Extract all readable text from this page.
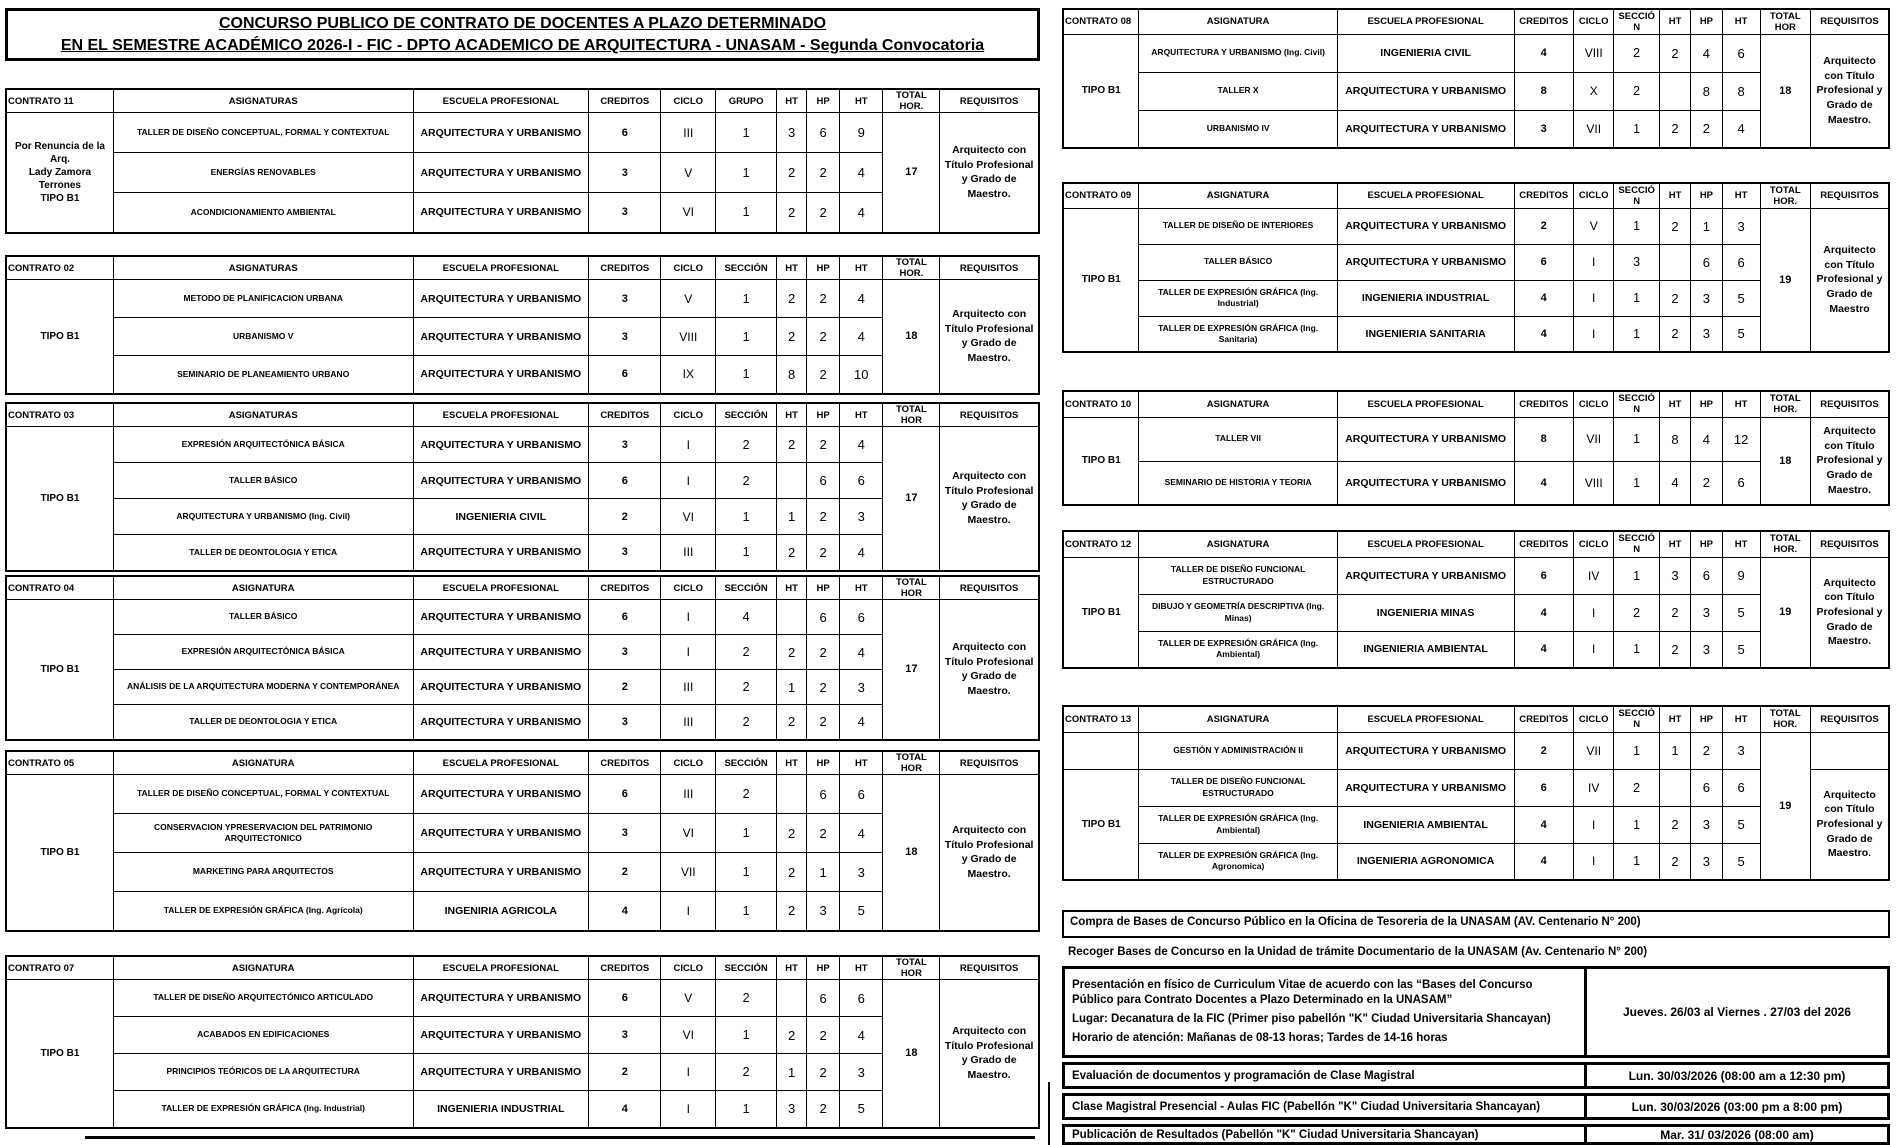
CONCURSO PUBLICO DE CONTRATO DE DOCENTES A PLAZO DETERMINADO
EN EL SEMESTRE ACADÉMICO 2026-I - FIC - DPTO ACADEMICO DE ARQUITECTURA - UNASAM - Segunda Convocatoria
CONTRATO 11	ASIGNATURAS	ESCUELA PROFESIONAL	CREDITOS	CICLO	GRUPO	HT	HP	HT	TOTAL HOR.	REQUISITOS

Por Renuncia de la Arq.
Lady Zamora Terrones
TIPO B1	TALLER DE DISEÑO CONCEPTUAL, FORMAL Y CONTEXTUAL	ARQUITECTURA Y URBANISMO	6	III	1	3	6	9	17	Arquitecto con Título Profesional y Grado de Maestro.
	ENERGÍAS RENOVABLES	ARQUITECTURA Y URBANISMO	3	V	1	2	2	4		
	ACONDICIONAMIENTO AMBIENTAL	ARQUITECTURA Y URBANISMO	3	VI	1	2	2	4		
CONTRATO 02	ASIGNATURAS	ESCUELA PROFESIONAL	CREDITOS	CICLO	SECCIÓN	HT	HP	HT	TOTAL HOR.	REQUISITOS

TIPO B1	METODO DE PLANIFICACION URBANA	ARQUITECTURA Y URBANISMO	3	V	1	2	2	4	18	Arquitecto con Título Profesional y Grado de Maestro.
	URBANISMO V	ARQUITECTURA Y URBANISMO	3	VIII	1	2	2	4		
	SEMINARIO DE PLANEAMIENTO URBANO	ARQUITECTURA Y URBANISMO	6	IX	1	8	2	10		
CONTRATO 03	ASIGNATURAS	ESCUELA PROFESIONAL	CREDITOS	CICLO	SECCIÓN	HT	HP	HT	TOTAL HOR	REQUISITOS

TIPO B1	EXPRESIÓN ARQUITECTÓNICA BÁSICA	ARQUITECTURA Y URBANISMO	3	I	2	2	2	4	17	Arquitecto con Título Profesional y Grado de Maestro.
	TALLER BÁSICO	ARQUITECTURA Y URBANISMO	6	I	2		6	6		
	ARQUITECTURA Y URBANISMO (Ing. Civil)	INGENIERIA CIVIL	2	VI	1	1	2	3		
	TALLER DE DEONTOLOGIA Y ETICA	ARQUITECTURA Y URBANISMO	3	III	1	2	2	4		
CONTRATO 04	ASIGNATURA	ESCUELA PROFESIONAL	CREDITOS	CICLO	SECCIÓN	HT	HP	HT	TOTAL HOR	REQUISITOS

TIPO B1	TALLER BÁSICO	ARQUITECTURA Y URBANISMO	6	I	4		6	6	17	Arquitecto con Título Profesional y Grado de Maestro.
	EXPRESIÓN ARQUITECTÓNICA BÁSICA	ARQUITECTURA Y URBANISMO	3	I	2	2	2	4		
	ANÁLISIS DE LA ARQUITECTURA MODERNA Y CONTEMPORÁNEA	ARQUITECTURA Y URBANISMO	2	III	2	1	2	3		
	TALLER DE DEONTOLOGIA Y ETICA	ARQUITECTURA Y URBANISMO	3	III	2	2	2	4		
CONTRATO 05	ASIGNATURA	ESCUELA PROFESIONAL	CREDITOS	CICLO	SECCIÓN	HT	HP	HT	TOTAL HOR	REQUISITOS

TIPO B1	TALLER DE DISEÑO CONCEPTUAL, FORMAL Y CONTEXTUAL	ARQUITECTURA Y URBANISMO	6	III	2		6	6	18	Arquitecto con Título Profesional y Grado de Maestro.
	CONSERVACION YPRESERVACION DEL PATRIMONIO ARQUITECTONICO	ARQUITECTURA Y URBANISMO	3	VI	1	2	2	4		
	MARKETING PARA ARQUITECTOS	ARQUITECTURA Y URBANISMO	2	VII	1	2	1	3		
	TALLER DE EXPRESIÓN GRÁFICA (Ing. Agrícola)	INGENIRIA AGRICOLA	4	I	1	2	3	5		
CONTRATO 07	ASIGNATURA	ESCUELA PROFESIONAL	CREDITOS	CICLO	SECCIÓN	HT	HP	HT	TOTAL HOR	REQUISITOS

TIPO B1	TALLER DE DISEÑO ARQUITECTÓNICO ARTICULADO	ARQUITECTURA Y URBANISMO	6	V	2		6	6	18	Arquitecto con Título Profesional y Grado de Maestro.
	ACABADOS EN EDIFICACIONES	ARQUITECTURA Y URBANISMO	3	VI	1	2	2	4		
	PRINCIPIOS TEÓRICOS DE LA ARQUITECTURA	ARQUITECTURA Y URBANISMO	2	I	2	1	2	3		
	TALLER DE EXPRESIÓN GRÁFICA (Ing. Industrial)	INGENIERIA INDUSTRIAL	4	I	1	3	2	5		
Compra de Bases de Concurso Público en la Oficina de Tesoreria de la UNASAM (AV. Centenario N° 200)
Recoger Bases de Concurso en la Unidad de trámite Documentario de la UNASAM (Av. Centenario N° 200)
Presentación en físico de Curriculum Vitae de acuerdo con las “Bases del Concurso Público para Contrato Docentes a Plazo Determinado en la UNASAM”
Lugar: Decanatura de la FIC (Primer piso pabellón "K" Ciudad Universitaria Shancayan)
Horario de atención: Mañanas de 08-13 horas; Tardes de 14-16 horas
Jueves. 26/03 al Viernes . 27/03 del 2026
Evaluación de documentos y programación de Clase Magistral	Lun. 30/03/2026 (08:00 am a 12:30 pm)
Clase Magistral Presencial - Aulas FIC (Pabellón "K" Ciudad Universitaria Shancayan)	Lun. 30/03/2026 (03:00 pm a 8:00 pm)
Publicación de Resultados (Pabellón "K" Ciudad Universitaria Shancayan)	Mar. 31/ 03/2026 (08:00 am)
CONTRATO 08	ASIGNATURA	ESCUELA PROFESIONAL	CREDITOS	CICLO	SECCIÓN	HT	HP	HT	TOTAL HOR	REQUISITOS

TIPO B1	ARQUITECTURA Y URBANISMO (Ing. Civil)	INGENIERIA CIVIL	4	VIII	2	2	4	6	18	Arquitecto con Título Profesional y Grado de Maestro.
	TALLER X	ARQUITECTURA Y URBANISMO	8	X	2		8	8		
	URBANISMO IV	ARQUITECTURA Y URBANISMO	3	VII	1	2	2	4		
CONTRATO 09	ASIGNATURA	ESCUELA PROFESIONAL	CREDITOS	CICLO	SECCIÓN	HT	HP	HT	TOTAL HOR.	REQUISITOS

TIPO B1	TALLER DE DISEÑO DE INTERIORES	ARQUITECTURA Y URBANISMO	2	V	1	2	1	3	19	Arquitecto con Título Profesional y Grado de Maestro
	TALLER BÁSICO	ARQUITECTURA Y URBANISMO	6	I	3		6	6		
	TALLER DE EXPRESIÓN GRÁFICA (Ing. Industrial)	INGENIERIA INDUSTRIAL	4	I	1	2	3	5		
	TALLER DE EXPRESIÓN GRÁFICA (Ing. Sanitaria)	INGENIERIA SANITARIA	4	I	1	2	3	5		
CONTRATO 10	ASIGNATURA	ESCUELA PROFESIONAL	CREDITOS	CICLO	SECCIÓN	HT	HP	HT	TOTAL HOR.	REQUISITOS

TIPO B1	TALLER VII	ARQUITECTURA Y URBANISMO	8	VII	1	8	4	12	18	Arquitecto con Título Profesional y Grado de Maestro.
	SEMINARIO DE HISTORIA Y TEORIA	ARQUITECTURA Y URBANISMO	4	VIII	1	4	2	6		
CONTRATO 12	ASIGNATURA	ESCUELA PROFESIONAL	CREDITOS	CICLO	SECCIÓN	HT	HP	HT	TOTAL HOR.	REQUISITOS

TIPO B1	TALLER DE DISEÑO FUNCIONAL ESTRUCTURADO	ARQUITECTURA Y URBANISMO	6	IV	1	3	6	9	19	Arquitecto con Título Profesional y Grado de Maestro.
	DIBUJO Y GEOMETRÍA DESCRIPTIVA (Ing. Minas)	INGENIERIA MINAS	4	I	2	2	3	5		
	TALLER DE EXPRESIÓN GRÁFICA (Ing. Ambiental)	INGENIERIA AMBIENTAL	4	I	1	2	3	5		
CONTRATO 13	ASIGNATURA	ESCUELA PROFESIONAL	CREDITOS	CICLO	SECCIÓN	HT	HP	HT	TOTAL HOR.	REQUISITOS
	GESTIÓN Y ADMINISTRACIÓN II	ARQUITECTURA Y URBANISMO	2	VII	1	1	2	3	19	

TIPO B1	TALLER DE DISEÑO FUNCIONAL ESTRUCTURADO	ARQUITECTURA Y URBANISMO	6	IV	2		6	6		Arquitecto con Título Profesional y Grado de Maestro.
	TALLER DE EXPRESIÓN GRÁFICA (Ing. Ambiental)	INGENIERIA AMBIENTAL	4	I	1	2	3	5		
	TALLER DE EXPRESIÓN GRÁFICA (Ing. Agronomica)	INGENIERIA AGRONOMICA	4	I	1	2	3	5		
